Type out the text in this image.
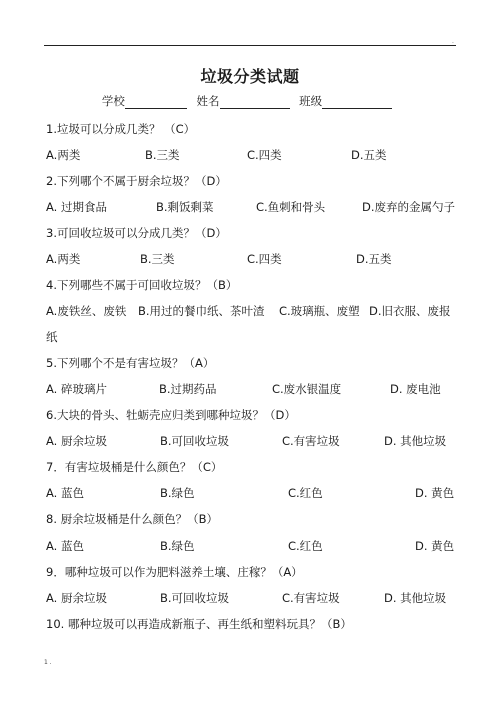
.
垃圾分类试题
学校	姓名	班级
1.垃圾可以分成几类？ （C）
A.两类	B.三类	C.四类	D.五类
2.下列哪个不属于厨余垃圾？（D）
A. 过期食品	B.剩饭剩菜	C.鱼刺和骨头	D.废弃的金属勺子
3.可回收垃圾可以分成几类？（D）
A.两类	B.三类	C.四类	D.五类
4.下列哪些不属于可回收垃圾？（B）
A.废铁丝、废铁 B.用过的餐巾纸、茶叶渣 C.玻璃瓶、废塑 D.旧衣服、废报
纸
5.下列哪个不是有害垃圾？（A）
A. 碎玻璃片	B.过期药品	C.废水银温度	D. 废电池
6.大块的骨头、牡蛎壳应归类到哪种垃圾？（D）
A. 厨余垃圾	B.可回收垃圾	C.有害垃圾	D. 其他垃圾
7．有害垃圾桶是什么颜色？（C）
A. 蓝色	B.绿色	C.红色	D. 黄色
8. 厨余垃圾桶是什么颜色？（B）
A. 蓝色	B.绿色	C.红色	D. 黄色
9．哪种垃圾可以作为肥料滋养土壤、庄稼？（A）
A. 厨余垃圾	B.可回收垃圾	C.有害垃圾	D. 其他垃圾
10. 哪种垃圾可以再造成新瓶子、再生纸和塑料玩具？（B）
1 .
